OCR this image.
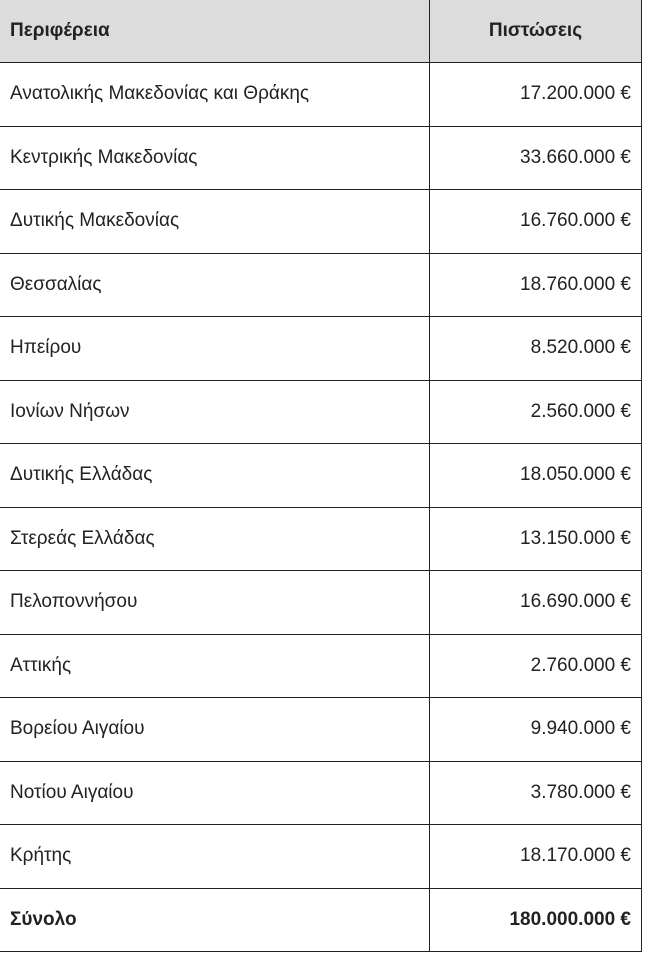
Περιφέρεια	Πιστώσεις
Ανατολικής Μακεδονίας και Θράκης	17.200.000 €
Κεντρικής Μακεδονίας	33.660.000 €
Δυτικής Μακεδονίας	16.760.000 €
Θεσσαλίας	18.760.000 €
Ηπείρου	8.520.000 €
Ιονίων Νήσων	2.560.000 €
Δυτικής Ελλάδας	18.050.000 €
Στερεάς Ελλάδας	13.150.000 €
Πελοποννήσου	16.690.000 €
Αττικής	2.760.000 €
Βορείου Αιγαίου	9.940.000 €
Νοτίου Αιγαίου	3.780.000 €
Κρήτης	18.170.000 €
Σύνολο	180.000.000 €
